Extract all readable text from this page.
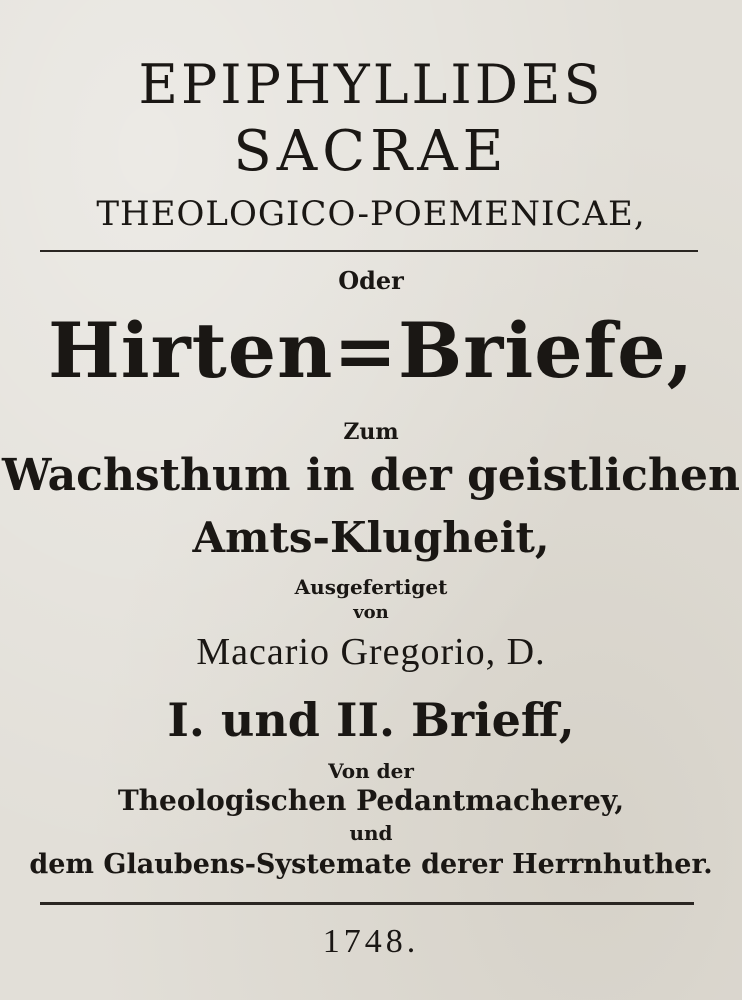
EPIPHYLLIDES
SACRAE
THEOLOGICO-POEMENICAE,
Oder
Hirten=Briefe,
Zum
Wachsthum in der geistlichen
Amts-Klugheit,
Ausgefertiget
von
Macario Gregorio, D.
I. und II. Brieff,
Von der
Theologischen Pedantmacherey,
und
dem Glaubens-Systemate derer Herrnhuther.
1748.
